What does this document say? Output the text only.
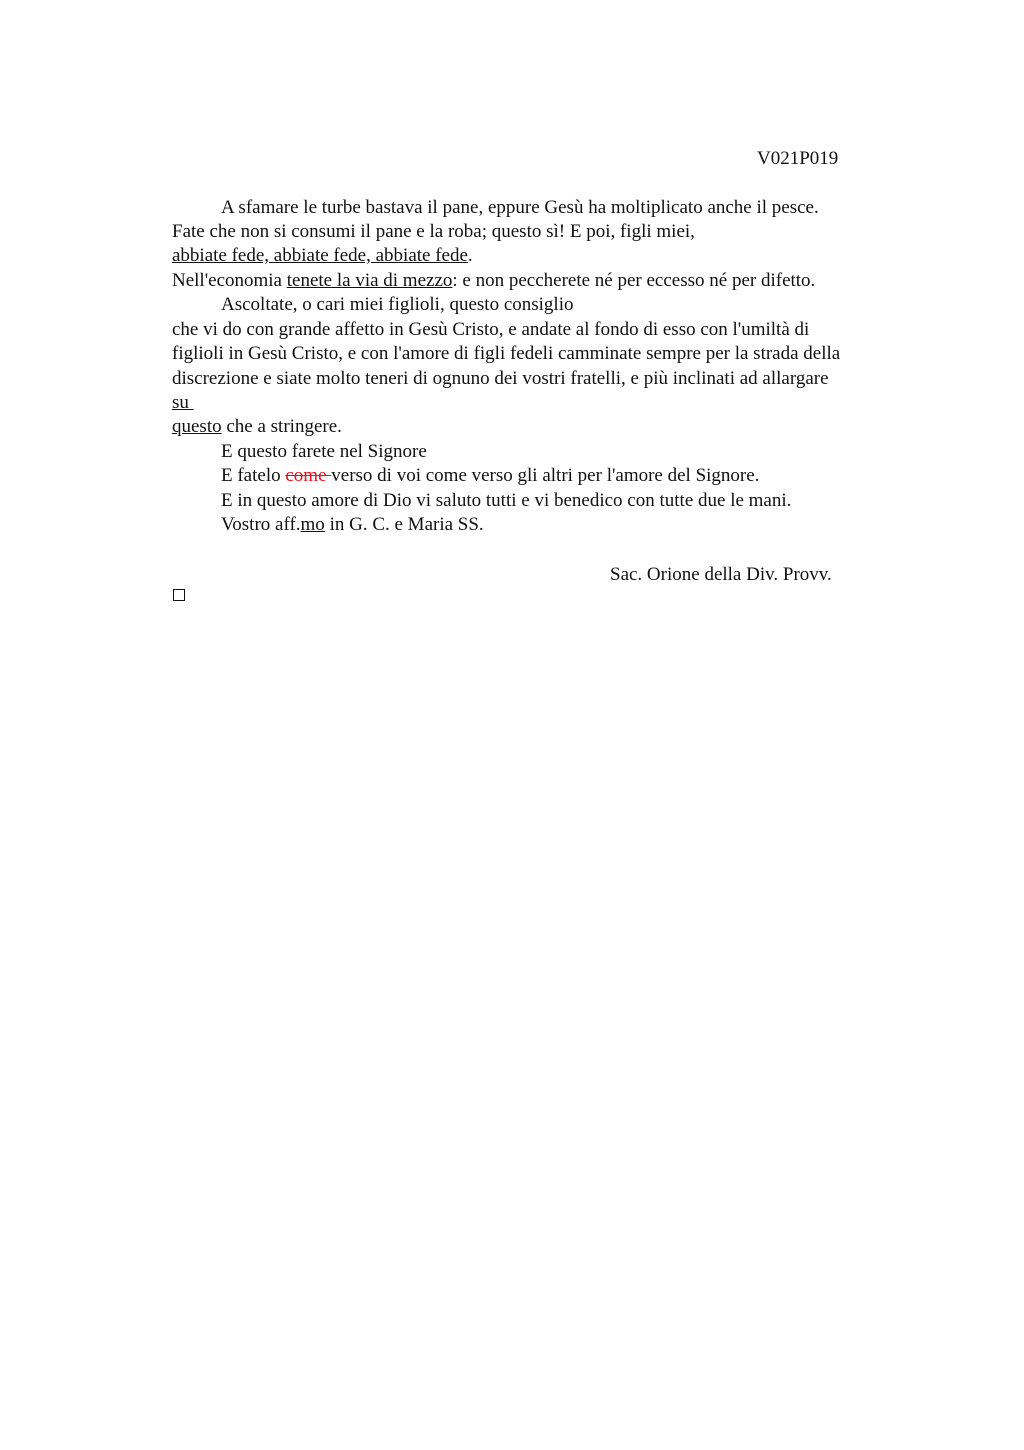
V021P019
A sfamare le turbe bastava il pane, eppure Gesù ha moltiplicato anche il pesce.
Fate che non si consumi il pane e la roba; questo sì! E poi, figli miei,
abbiate fede, abbiate fede, abbiate fede.
Nell'economia tenete la via di mezzo: e non peccherete né per eccesso né per difetto.
Ascoltate, o cari miei figlioli, questo consiglio
che vi do con grande affetto in Gesù Cristo, e andate al fondo di esso con l'umiltà di
figlioli in Gesù Cristo, e con l'amore di figli fedeli camminate sempre per la strada della
discrezione e siate molto teneri di ognuno dei vostri fratelli, e più inclinati ad allargare
su
questo che a stringere.
E questo farete nel Signore
E fatelo come verso di voi come verso gli altri per l'amore del Signore.
E in questo amore di Dio vi saluto tutti e vi benedico con tutte due le mani.
Vostro aff.mo in G. C. e Maria SS.
Sac. Orione della Div. Provv.
